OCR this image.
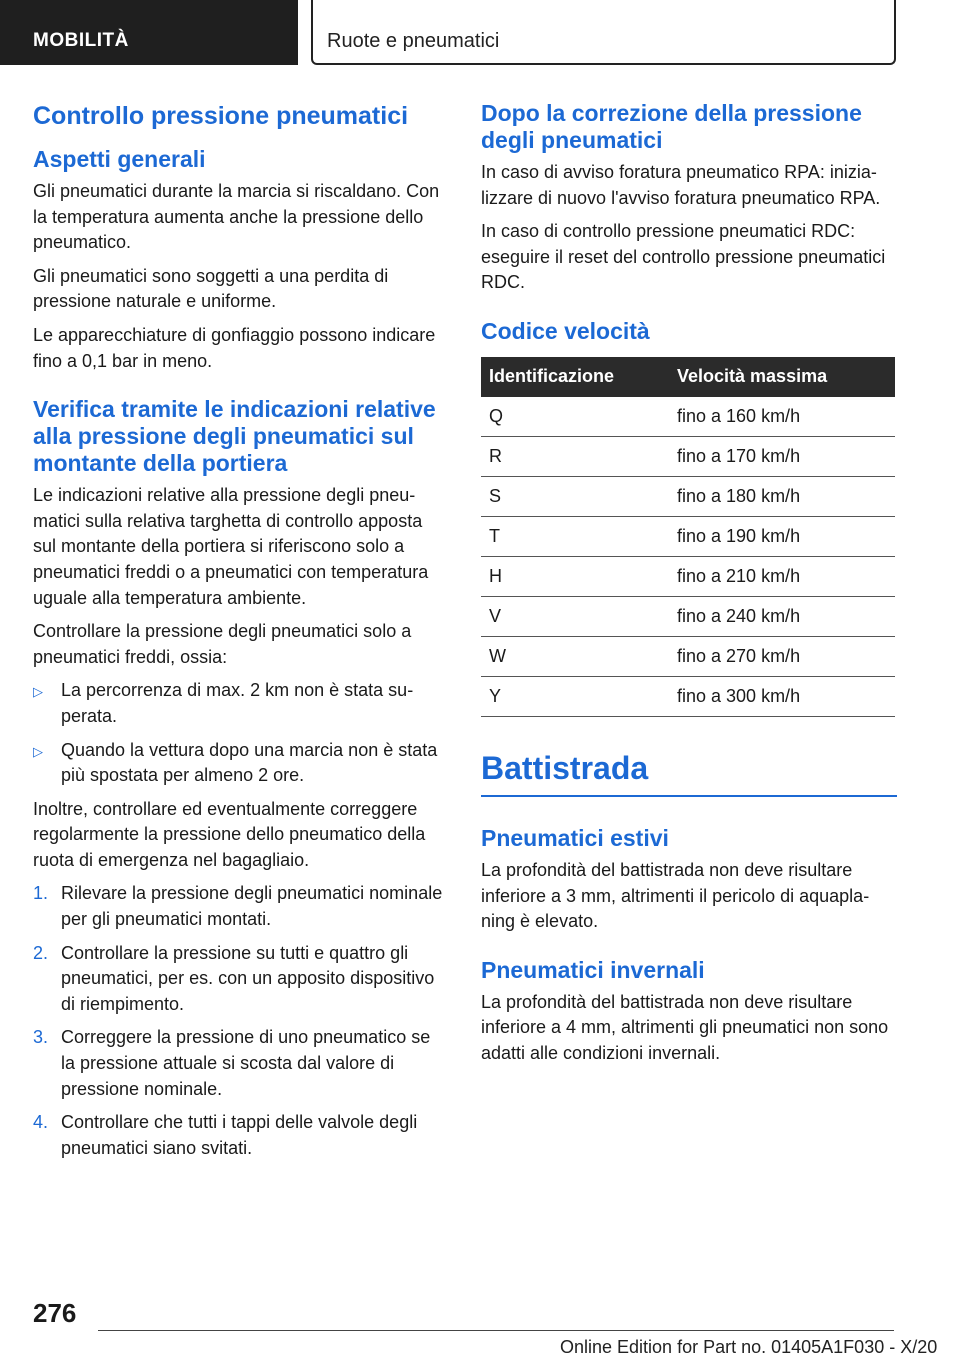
MOBILITÀ	Ruote e pneumatici
Controllo pressione pneumatici
Aspetti generali

Gli pneumatici durante la marcia si riscaldano. Con la temperatura aumenta anche la pressione dello pneumatico.

Gli pneumatici sono soggetti a una perdita di pressione naturale e uniforme.

Le apparecchiature di gonfiaggio possono indicare fino a 0,1 bar in meno.

Verifica tramite le indicazioni relative alla pressione degli pneumatici sul montante della portiera

Le indicazioni relative alla pressione degli pneumatici sulla relativa targhetta di controllo apposta sul montante della portiera si riferiscono solo a pneumatici freddi o a pneumatici con temperatura uguale alla temperatura ambiente.

Controllare la pressione degli pneumatici solo a pneumatici freddi, ossia:

▷ La percorrenza di max. 2 km non è stata superata.
▷ Quando la vettura dopo una marcia non è stata più spostata per almeno 2 ore.

Inoltre, controllare ed eventualmente correggere regolarmente la pressione dello pneumatico della ruota di emergenza nel bagagliaio.

1. Rilevare la pressione degli pneumatici nominale per gli pneumatici montati.
2. Controllare la pressione su tutti e quattro gli pneumatici, per es. con un apposito dispositivo di riempimento.
3. Correggere la pressione di uno pneumatico se la pressione attuale si scosta dal valore di pressione nominale.
4. Controllare che tutti i tappi delle valvole degli pneumatici siano svitati.
Dopo la correzione della pressione degli pneumatici

In caso di avviso foratura pneumatico RPA: inizializzare di nuovo l'avviso foratura pneumatico RPA.

In caso di controllo pressione pneumatici RDC: eseguire il reset del controllo pressione pneumatici RDC.

Codice velocità
Identificazione	Velocità massima
Q	fino a 160 km/h
R	fino a 170 km/h
S	fino a 180 km/h
T	fino a 190 km/h
H	fino a 210 km/h
V	fino a 240 km/h
W	fino a 270 km/h
Y	fino a 300 km/h
Battistrada
Pneumatici estivi

La profondità del battistrada non deve risultare inferiore a 3 mm, altrimenti il pericolo di aquaplaning è elevato.

Pneumatici invernali

La profondità del battistrada non deve risultare inferiore a 4 mm, altrimenti gli pneumatici non sono adatti alle condizioni invernali.

276
Online Edition for Part no. 01405A1F030 - X/20
